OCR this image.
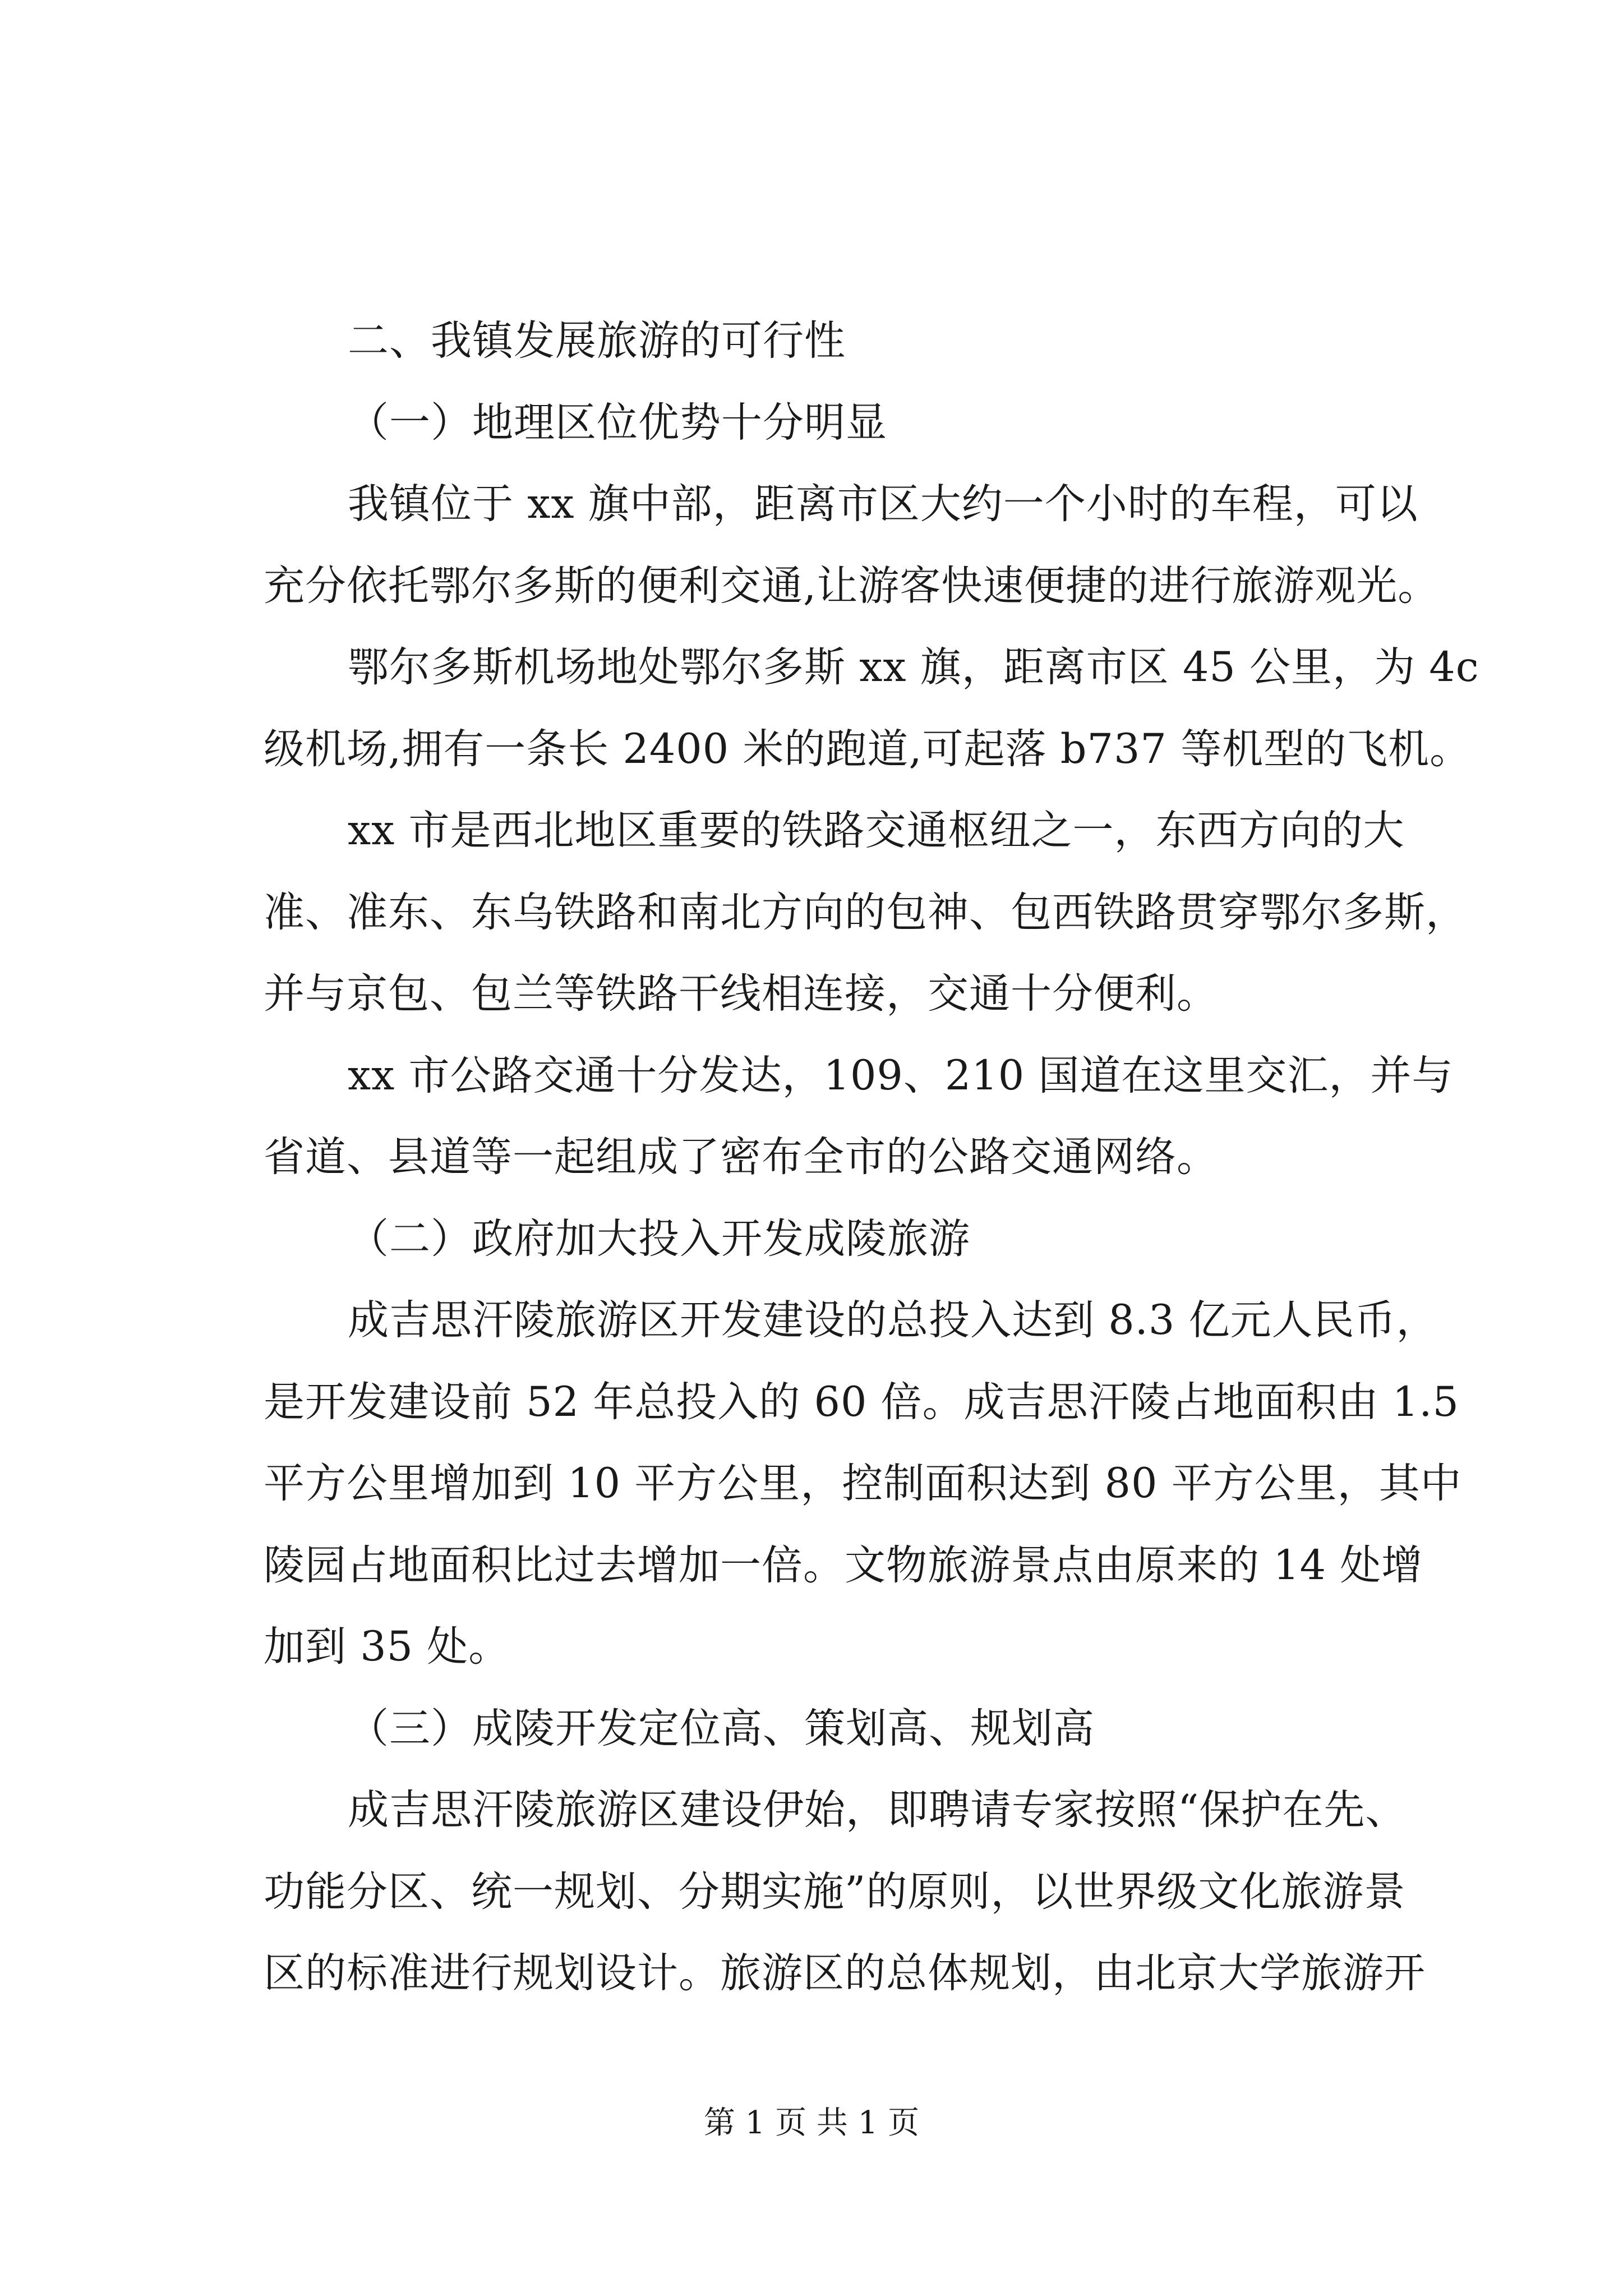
二、我镇发展旅游的可行性
（一）地理区位优势十分明显
我镇位于 xx 旗中部，距离市区大约一个小时的车程，可以
充分依托鄂尔多斯的便利交通,让游客快速便捷的进行旅游观光。
鄂尔多斯机场地处鄂尔多斯 xx 旗，距离市区 45 公里，为 4c
级机场,拥有一条长 2400 米的跑道,可起落 b737 等机型的飞机。
xx 市是西北地区重要的铁路交通枢纽之一，东西方向的大
准、准东、东乌铁路和南北方向的包神、包西铁路贯穿鄂尔多斯，
并与京包、包兰等铁路干线相连接，交通十分便利。
xx 市公路交通十分发达，109、210 国道在这里交汇，并与
省道、县道等一起组成了密布全市的公路交通网络。
（二）政府加大投入开发成陵旅游
成吉思汗陵旅游区开发建设的总投入达到 8.3 亿元人民币，
是开发建设前 52 年总投入的 60 倍。成吉思汗陵占地面积由 1.5
平方公里增加到 10 平方公里，控制面积达到 80 平方公里，其中
陵园占地面积比过去增加一倍。文物旅游景点由原来的 14 处增
加到 35 处。
（三）成陵开发定位高、策划高、规划高
成吉思汗陵旅游区建设伊始，即聘请专家按照“保护在先、
功能分区、统一规划、分期实施”的原则，以世界级文化旅游景
区的标准进行规划设计。旅游区的总体规划，由北京大学旅游开
第 1 页 共 1 页
